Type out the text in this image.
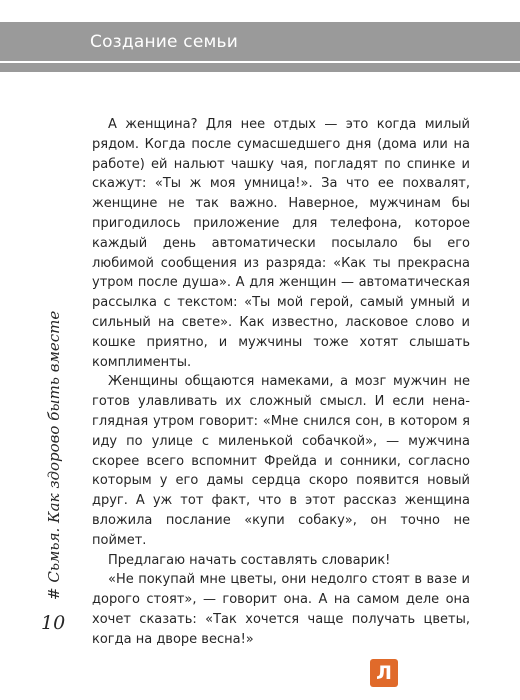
Создание семьи

А женщина? Для нее отдых — это когда милый рядом. Когда после сумасшедшего дня (дома или на работе) ей нальют чашку чая, погладят по спинке и скажут: «Ты ж моя умница!». За что ее похвалят, женщине не так важно. Наверное, мужчинам бы пригодилось приложение для телефона, которое каждый день автоматически посылало бы его любимой сообщения из разряда: «Как ты прекрасна утром после душа». А для женщин — автоматическая рассылка с текстом: «Ты мой герой, самый умный и сильный на свете». Как известно, ласковое слово и кошке приятно, и мужчины тоже хотят слышать комплименты.

Женщины общаются намеками, а мозг мужчин не готов улавливать их сложный смысл. И если ненаглядная утром говорит: «Мне снился сон, в котором я иду по улице с миленькой собачкой», — мужчина скорее всего вспомнит Фрейда и сонники, согласно которым у его дамы сердца скоро появится новый друг. А уж тот факт, что в этот рассказ женщина вложила послание «купи собаку», он точно не поймет.

Предлагаю начать составлять словарик!

«Не покупай мне цветы, они недолго стоят в вазе и дорого стоят», — говорит она. А на самом деле она хочет сказать: «Так хочется чаще получать цветы, когда на дворе весна!»

# Сьмья. Как здорово быть вместе
10
Л
